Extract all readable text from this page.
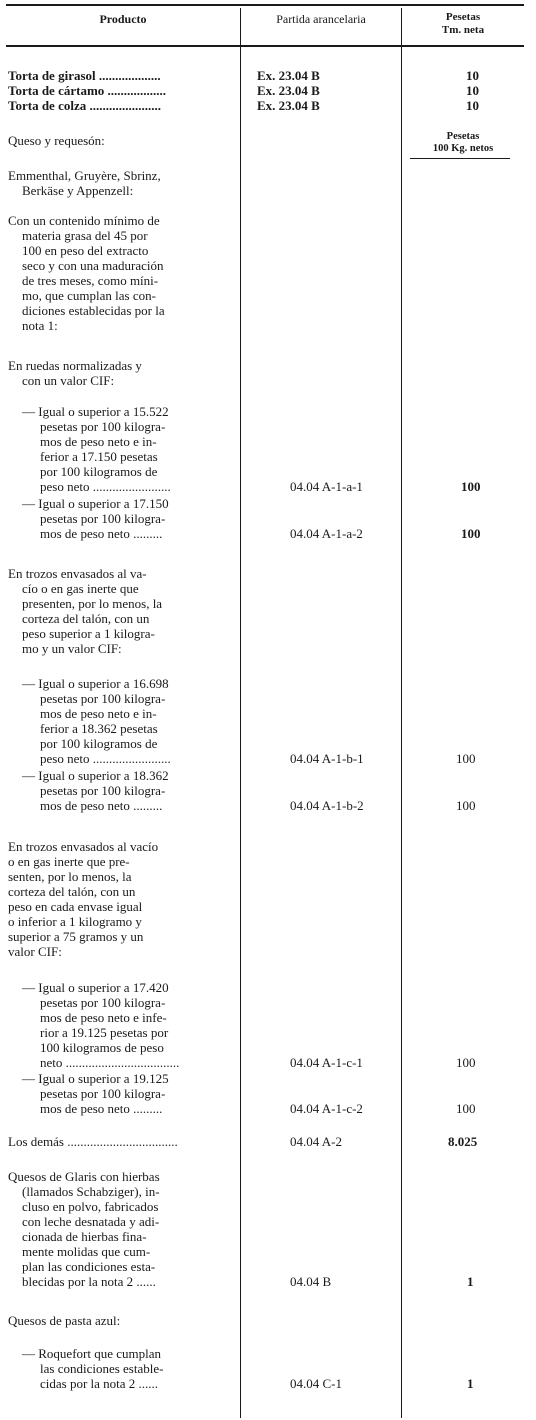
Producto	Partida arancelaria	Pesetas
Tm. neta
Torta de girasol ...................	Ex. 23.04 B	10
Torta de cártamo ..................	Ex. 23.04 B	10
Torta de colza ......................	Ex. 23.04 B	10
Queso y requesón:	Pesetas
100 Kg. netos
Emmenthal, Gruyère, Sbrinz,
Berkäse y Appenzell:
Con un contenido mínimo de
materia grasa del 45 por
100 en peso del extracto
seco y con una maduración
de tres meses, como míni-
mo, que cumplan las con-
diciones establecidas por la
nota 1:
En ruedas normalizadas y
con un valor CIF:
— Igual o superior a 15.522
pesetas por 100 kilogra-
mos de peso neto e in-
ferior a 17.150 pesetas
por 100 kilogramos de
peso neto ........................	04.04 A-1-a-1	100
— Igual o superior a 17.150
pesetas por 100 kilogra-
mos de peso neto .........	04.04 A-1-a-2	100
En trozos envasados al va-
cío o en gas inerte que
presenten, por lo menos, la
corteza del talón, con un
peso superior a 1 kilogra-
mo y un valor CIF:
— Igual o superior a 16.698
pesetas por 100 kilogra-
mos de peso neto e in-
ferior a 18.362 pesetas
por 100 kilogramos de
peso neto ........................	04.04 A-1-b-1	100
— Igual o superior a 18.362
pesetas por 100 kilogra-
mos de peso neto .........	04.04 A-1-b-2	100
En trozos envasados al vacío
o en gas inerte que pre-
senten, por lo menos, la
corteza del talón, con un
peso en cada envase igual
o inferior a 1 kilogramo y
superior a 75 gramos y un
valor CIF:
— Igual o superior a 17.420
pesetas por 100 kilogra-
mos de peso neto e infe-
rior a 19.125 pesetas por
100 kilogramos de peso
neto ...................................	04.04 A-1-c-1	100
— Igual o superior a 19.125
pesetas por 100 kilogra-
mos de peso neto .........	04.04 A-1-c-2	100
Los demás ..................................	04.04 A-2	8.025
Quesos de Glaris con hierbas
(llamados Schabziger), in-
cluso en polvo, fabricados
con leche desnatada y adi-
cionada de hierbas fina-
mente molidas que cum-
plan las condiciones esta-
blecidas por la nota 2 ......	04.04 B	1
Quesos de pasta azul:
— Roquefort que cumplan
las condiciones estable-
cidas por la nota 2 ......	04.04 C-1	1
